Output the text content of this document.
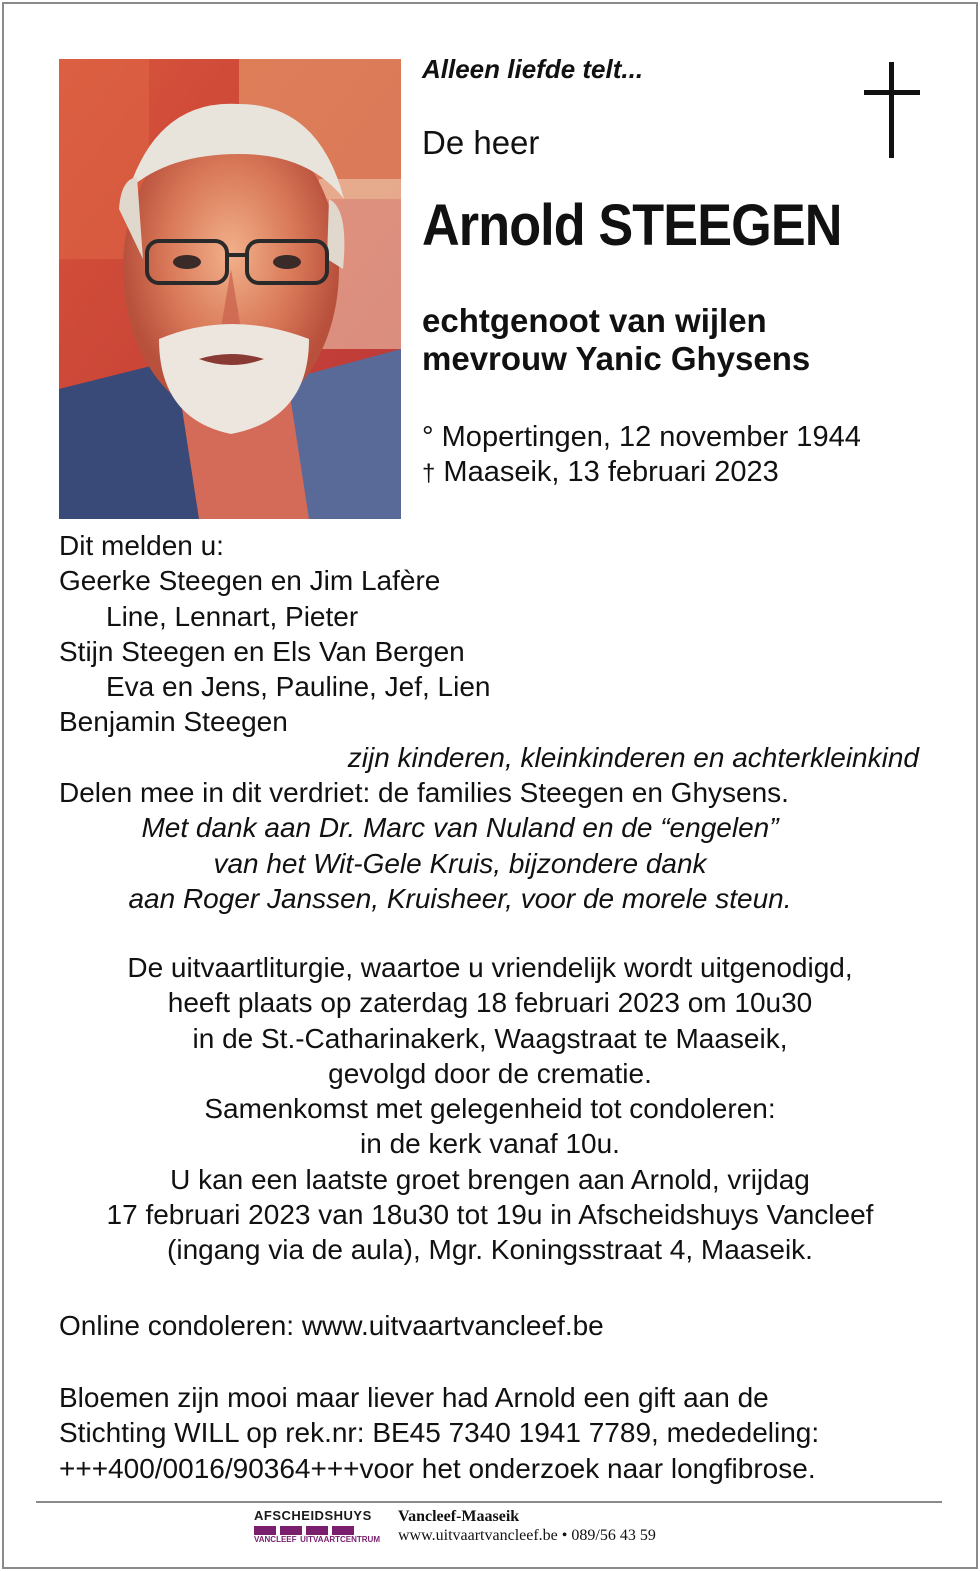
Alleen liefde telt...
De heer
Arnold STEEGEN
echtgenoot van wijlen
mevrouw Yanic Ghysens
° Mopertingen, 12 november 1944
† Maaseik, 13 februari 2023
Dit melden u:
Geerke Steegen en Jim Lafère
Line, Lennart, Pieter
Stijn Steegen en Els Van Bergen
Eva en Jens, Pauline, Jef, Lien
Benjamin Steegen
zijn kinderen, kleinkinderen en achterkleinkind
Delen mee in dit verdriet: de families Steegen en Ghysens.
Met dank aan Dr. Marc van Nuland en de “engelen”
van het Wit-Gele Kruis, bijzondere dank
aan Roger Janssen, Kruisheer, voor de morele steun.
De uitvaartliturgie, waartoe u vriendelijk wordt uitgenodigd,
heeft plaats op zaterdag 18 februari 2023 om 10u30
in de St.-Catharinakerk, Waagstraat te Maaseik,
gevolgd door de crematie.
Samenkomst met gelegenheid tot condoleren:
in de kerk vanaf 10u.
U kan een laatste groet brengen aan Arnold, vrijdag
17 februari 2023 van 18u30 tot 19u in Afscheidshuys Vancleef
(ingang via de aula), Mgr. Koningsstraat 4, Maaseik.
Online condoleren: www.uitvaartvancleef.be
Bloemen zijn mooi maar liever had Arnold een gift aan de
Stichting WILL op rek.nr: BE45 7340 1941 7789, mededeling:
+++400/0016/90364+++voor het onderzoek naar longfibrose.
AFSCHEIDSHUYS
VANCLEEF UITVAARTCENTRUM
Vancleef-Maaseik
www.uitvaartvancleef.be • 089/56 43 59
